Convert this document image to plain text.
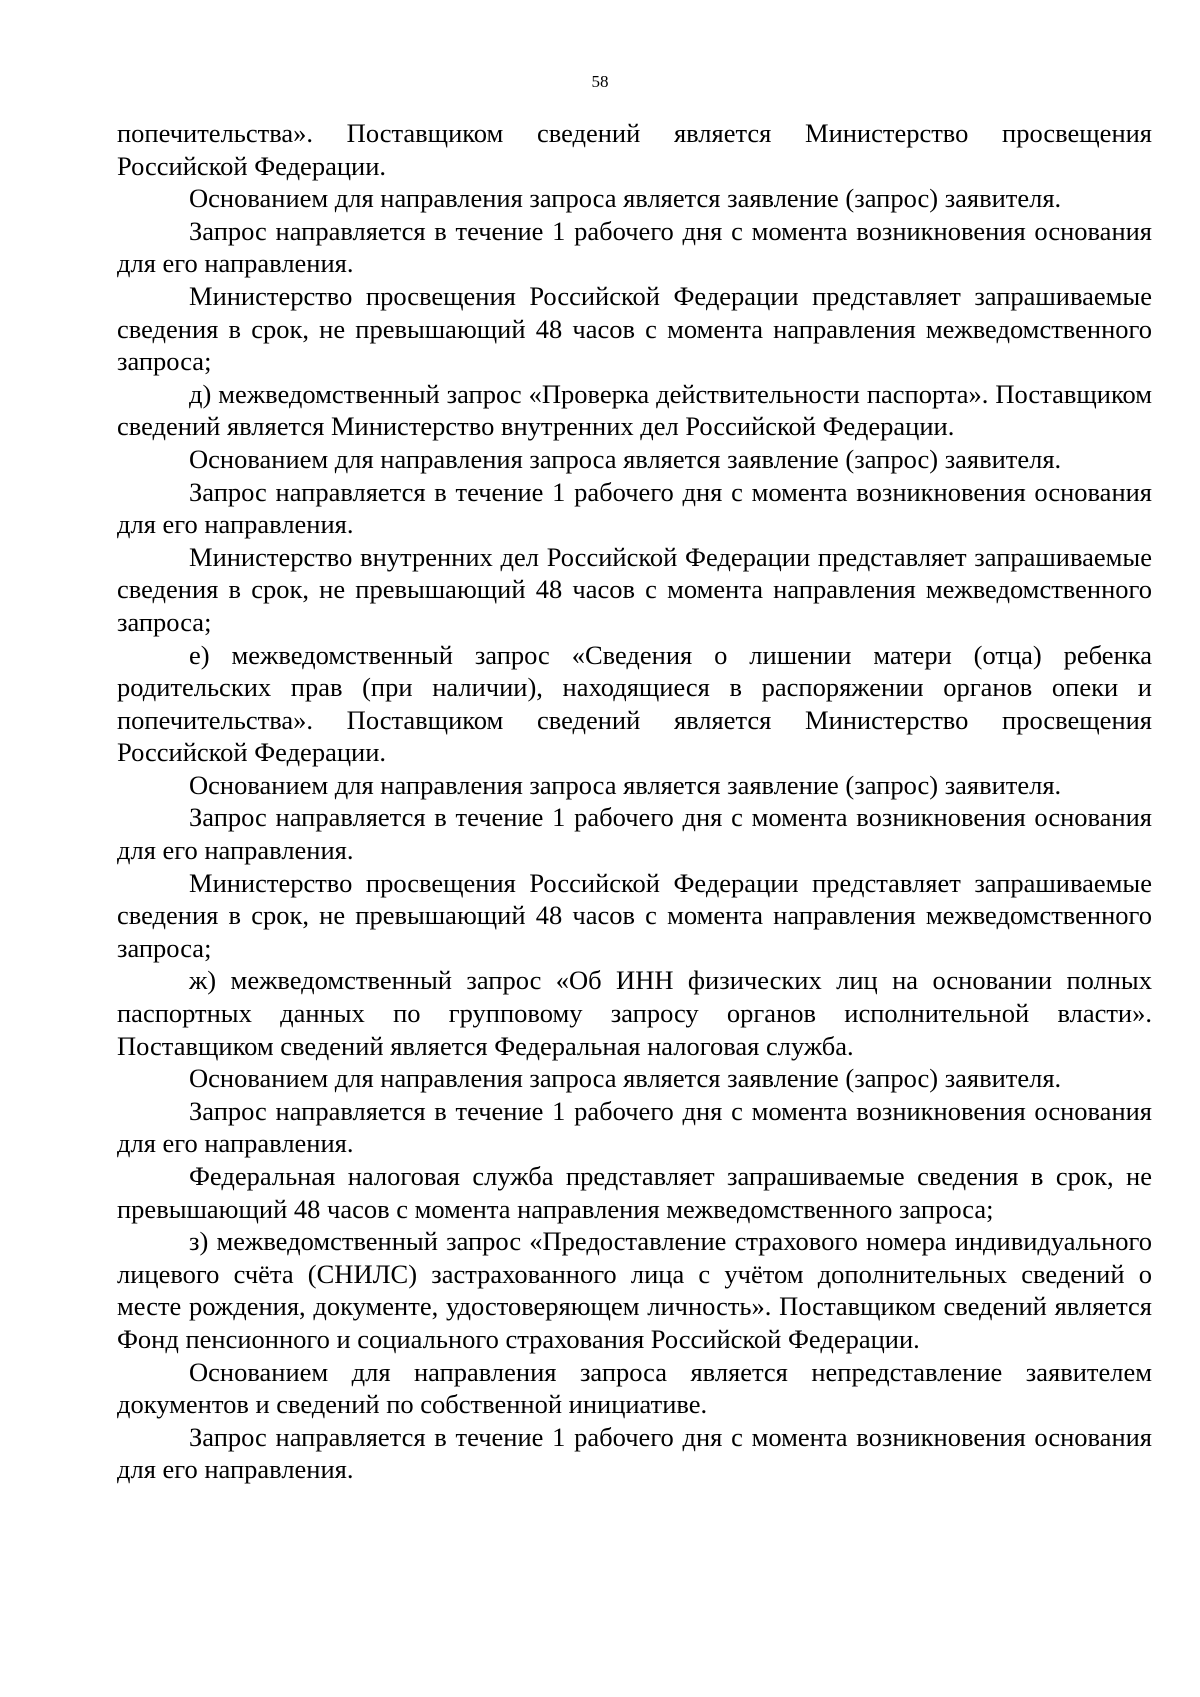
58

попечительства». Поставщиком сведений является Министерство просвещения Российской Федерации.

Основанием для направления запроса является заявление (запрос) заявителя.

Запрос направляется в течение 1 рабочего дня с момента возникновения основания для его направления.

Министерство просвещения Российской Федерации представляет запрашиваемые сведения в срок, не превышающий 48 часов с момента направления межведомственного запроса;

д) межведомственный запрос «Проверка действительности паспорта». Поставщиком сведений является Министерство внутренних дел Российской Федерации.

Основанием для направления запроса является заявление (запрос) заявителя.

Запрос направляется в течение 1 рабочего дня с момента возникновения основания для его направления.

Министерство внутренних дел Российской Федерации представляет запрашиваемые сведения в срок, не превышающий 48 часов с момента направления межведомственного запроса;

е) межведомственный запрос «Сведения о лишении матери (отца) ребенка родительских прав (при наличии), находящиеся в распоряжении органов опеки и попечительства». Поставщиком сведений является Министерство просвещения Российской Федерации.

Основанием для направления запроса является заявление (запрос) заявителя.

Запрос направляется в течение 1 рабочего дня с момента возникновения основания для его направления.

Министерство просвещения Российской Федерации представляет запрашиваемые сведения в срок, не превышающий 48 часов с момента направления межведомственного запроса;

ж) межведомственный запрос «Об ИНН физических лиц на основании полных паспортных данных по групповому запросу органов исполнительной власти». Поставщиком сведений является Федеральная налоговая служба.

Основанием для направления запроса является заявление (запрос) заявителя.

Запрос направляется в течение 1 рабочего дня с момента возникновения основания для его направления.

Федеральная налоговая служба представляет запрашиваемые сведения в срок, не превышающий 48 часов с момента направления межведомственного запроса;

з) межведомственный запрос «Предоставление страхового номера индивидуального лицевого счёта (СНИЛС) застрахованного лица с учётом дополнительных сведений о месте рождения, документе, удостоверяющем личность». Поставщиком сведений является Фонд пенсионного и социального страхования Российской Федерации.

Основанием для направления запроса является непредставление заявителем документов и сведений по собственной инициативе.

Запрос направляется в течение 1 рабочего дня с момента возникновения основания для его направления.
